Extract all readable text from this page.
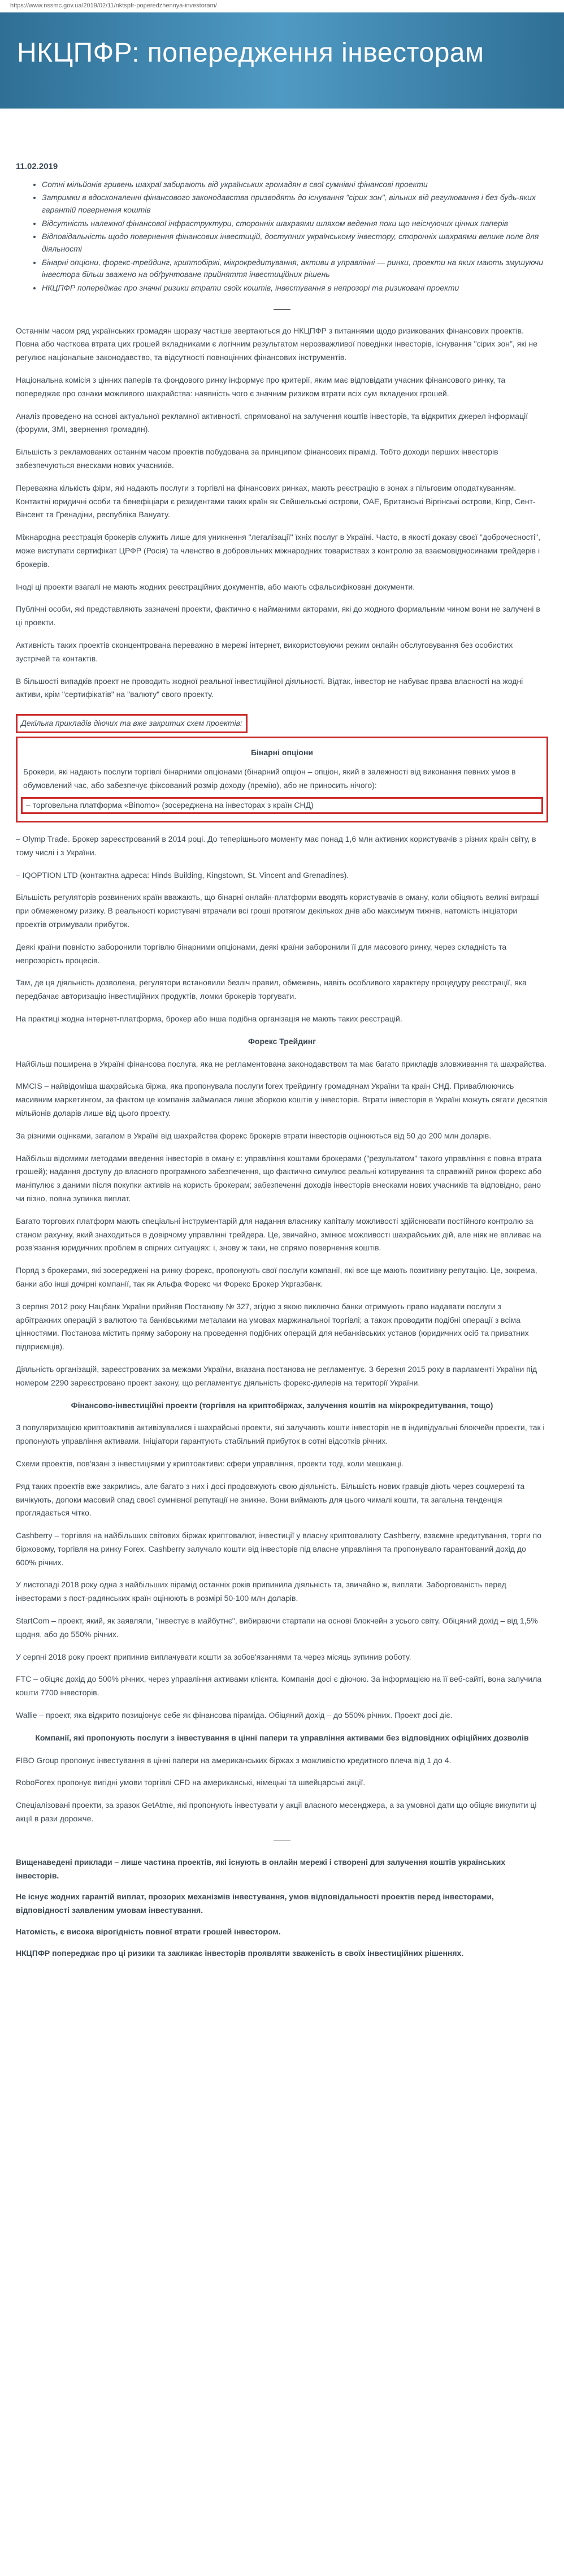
https://www.nssmc.gov.ua/2019/02/11/nktspfr-poperedzhennya-investoram/
НКЦПФР: попередження інвесторам
11.02.2019
• Сотні мільйонів гривень шахраї забирають від українських громадян в свої сумнівні фінансові проекти
• Затримки в вдосконаленні фінансового законодавства призводять до існування "сірих зон", вільних від регулювання і без будь-яких гарантій повернення коштів
• Відсутність належної фінансової інфраструктури, сторонніх шахраями шляхом ведення поки що неіснуючих цінних паперів
• Відповідальність щодо повернення фінансових інвестицій, доступних українському інвестору, сторонніх шахраями велике поле для діяльності
• Бінарні опціони, форекс-трейдинг, криптобіржі, мікрокредитування, активи в управлінні — ринки, проекти на яких мають змушуючи інвестора більш зважено на обґрунтоване прийняття інвестиційних рішень
• НКЦПФР попереджає про значні ризики втрати своїх коштів, інвестування в непрозорі та ризиковані проекти

Останнім часом ряд українських громадян щоразу частіше звертаються до НКЦПФР з питаннями щодо ризикованих фінансових проектів. Повна або часткова втрата цих грошей вкладниками є логічним результатом нерозважливої поведінки інвесторів, існування "сірих зон", які не регулює національне законодавство, та відсутності повноцінних фінансових інструментів.

Національна комісія з цінних паперів та фондового ринку інформує про критерії, яким має відповідати учасник фінансового ринку, та попереджає про ознаки можливого шахрайства: наявність чого є значним ризиком втрати всіх сум вкладених грошей.

Аналіз проведено на основі актуальної рекламної активності, спрямованої на залучення коштів інвесторів, та відкритих джерел інформації (форуми, ЗМІ, звернення громадян).

Більшість з рекламованих останнім часом проектів побудована за принципом фінансових пірамід. Тобто доходи перших інвесторів забезпечуються внесками нових учасників.

Переважна кількість фірм, які надають послуги з торгівлі на фінансових ринках, мають реєстрацію в зонах з пільговим оподаткуванням. Контактні юридичні особи та бенефіціари є резидентами таких країн як Сейшельські острови, ОАЕ, Британські Віргінські острови, Кіпр, Сент-Вінсент та Гренадіни, республіка Вануату.

Міжнародна реєстрація брокерів служить лише для уникнення "легалізації" їхніх послуг в Україні. Часто, в якості доказу своєї "доброчесності", може виступати сертифікат ЦРФР (Росія) та членство в добровільних міжнародних товариствах з контролю за взаємовідносинами трейдерів і брокерів.

Іноді ці проекти взагалі не мають жодних реєстраційних документів, або мають сфальсифіковані документи.

Публічні особи, які представляють зазначені проекти, фактично є найманими акторами, які до жодного формальним чином вони не залучені в ці проекти.

Активність таких проектів сконцентрована переважно в мережі інтернет, використовуючи режим онлайн обслуговування без особистих зустрічей та контактів.

В більшості випадків проект не проводить жодної реальної інвестиційної діяльності. Відтак, інвестор не набуває права власності на жодні активи, крім "сертифікатів" на "валюту" свого проекту.

Декілька прикладів діючих та вже закритих схем проектів:
Бінарні опціони

Брокери, які надають послуги торгівлі бінарними опціонами (бінарний опціон – опціон, який в залежності від виконання певних умов в обумовлений час, або забезпечує фіксований розмір доходу (премію), або не приносить нічого):

– торговельна платформа «Binomo» (зосереджена на інвесторах з країн СНД)

– Olymp Trade. Брокер зареєстрований в 2014 році. До теперішнього моменту має понад 1,6 млн активних користувачів з різних країн світу, в тому числі і з України.

– IQOPTION LTD (контактна адреса: Hinds Building, Kingstown, St. Vincent and Grenadines).

Більшість регуляторів розвинених країн вважають, що бінарні онлайн-платформи вводять користувачів в оману, коли обіцяють великі виграші при обмеженому ризику. В реальності користувачі втрачали всі гроші протягом декількох днів або максимум тижнів, натомість ініціатори проектів отримували прибуток.

Деякі країни повністю заборонили торгівлю бінарними опціонами, деякі країни заборонили її для масового ринку, через складність та непрозорість процесів.

Там, де ця діяльність дозволена, регулятори встановили безліч правил, обмежень, навіть особливого характеру процедуру реєстрації, яка передбачає авторизацію інвестиційних продуктів, ломки брокерів торгувати.

На практиці жодна інтернет-платформа, брокер або інша подібна організація не мають таких реєстрацій.

Форекс Трейдинг

Найбільш поширена в Україні фінансова послуга, яка не регламентована законодавством та має багато прикладів зловживання та шахрайства.

MMCIS – найвідоміша шахрайська біржа, яка пропонувала послуги forex трейдингу громадянам України та країн СНД. Приваблюючись масивним маркетингом, за фактом це компанія займалася лише зборкою коштів у інвесторів. Втрати інвесторів в Україні можуть сягати десятків мільйонів доларів лише від цього проекту.

За різними оцінками, загалом в Україні від шахрайства форекс брокерів втрати інвесторів оцінюються від 50 до 200 млн доларів.

Найбільш відомими методами введення інвесторів в оману є: управління коштами брокерами ("результатом" такого управління є повна втрата грошей); надання доступу до власного програмного забезпечення, що фактично симулює реальні котирування та справжній ринок форекс або маніпулює з даними після покупки активів на користь брокерам; забезпеченні доходів інвесторів внесками нових учасників та відповідно, рано чи пізно, повна зупинка виплат.

Багато торгових платформ мають спеціальні інструментарій для надання власнику капіталу можливості здійснювати постійного контролю за станом рахунку, який знаходиться в довірчому управлінні трейдера. Це, звичайно, змінює можливості шахрайських дій, але ніяк не впливає на розв'язання юридичних проблем в спірних ситуаціях: і, знову ж таки, не спрямо повернення коштів.

Поряд з брокерами, які зосереджені на ринку форекс, пропонують свої послуги компанії, які все ще мають позитивну репутацію. Це, зокрема, банки або інші дочірні компанії, так як Альфа Форекс чи Форекс Брокер Укргазбанк.

3 серпня 2012 року Нацбанк України прийняв Постанову № 327, згідно з якою виключно банки отримують право надавати послуги з арбітражних операцій з валютою та банківськими металами на умовах маржинальної торгівлі; а також проводити подібні операції з всіма цінностями. Постанова містить пряму заборону на проведення подібних операцій для небанківських установ (юридичних осіб та приватних підприємців).

Діяльність організацій, зареєстрованих за межами України, вказана постанова не регламентує. З березня 2015 року в парламенті України під номером 2290 зареєстровано проект закону, що регламентує діяльність форекс-дилерів на території України.

Фінансово-інвестиційні проекти (торгівля на криптобіржах, залучення коштів на мікрокредитування, тощо)

З популяризацією криптоактивів активізувалися і шахрайські проекти, які залучають кошти інвесторів не в індивідуальні блокчейн проекти, так і пропонують управління активами. Ініціатори гарантують стабільний прибуток в сотні відсотків річних.

Схеми проектів, пов'язані з інвестиціями у криптоактиви: сфери управління, проекти тоді, коли мешканці.

Ряд таких проектів вже закрились, але багато з них і досі продовжують свою діяльність. Більшість нових гравців діють через соцмережі та вичікують, допоки масовий спад своєї сумнівної репутації не зникне. Вони виймають для цього чималі кошти, та загальна тенденція проглядається чітко.

Cashberry – торгівля на найбільших світових біржах криптовалют, інвестиції у власну криптовалюту Cashberry, взаємне кредитування, торги по біржовому, торгівля на ринку Forex. Cashberry залучало кошти від інвесторів під власне управління та пропонувало гарантований дохід до 600% річних.

У листопаді 2018 року одна з найбільших пірамід останніх років припинила діяльність та, звичайно ж, виплати. Заборгованість перед інвесторами з пост-радянських країн оцінюють в розмірі 50-100 млн доларів.

StartCom – проект, який, як заявляли, "інвестує в майбутнє", вибираючи стартапи на основі блокчейн з усього світу. Обіцяний дохід – від 1,5% щодня, або до 550% річних.

У серпні 2018 року проект припинив виплачувати кошти за зобов'язаннями та через місяць зупинив роботу.

FTC – обіцяє дохід до 500% річних, через управління активами клієнта. Компанія досі є діючою. За інформацією на її веб-сайті, вона залучила кошти 7700 інвесторів.

Wallie – проект, яка відкрито позиціонує себе як фінансова піраміда. Обіцяний дохід – до 550% річних. Проект досі діє.

Компанії, які пропонують послуги з інвестування в цінні папери та управління активами без відповідних офіційних дозволів

FIBO Group пропонує інвестування в цінні папери на американських біржах з можливістю кредитного плеча від 1 до 4.

RoboForex пропонує вигідні умови торгівлі CFD на американські, німецькі та швейцарські акції.

Спеціалізовані проекти, за зразок GetAtme, які пропонують інвестувати у акції власного месенджера, а за умовної дати що обіцяє викупити ці акції в рази дорожче.

Вищенаведені приклади – лише частина проектів, які існують в онлайн мережі і створені для залучення коштів українських інвесторів.

Не існує жодних гарантій виплат, прозорих механізмів інвестування, умов відповідальності проектів перед інвесторами, відповідності заявленим умовам інвестування.

Натомість, є висока вірогідність повної втрати грошей інвестором.

НКЦПФР попереджає про ці ризики та закликає інвесторів проявляти зваженість в своїх інвестиційних рішеннях.
